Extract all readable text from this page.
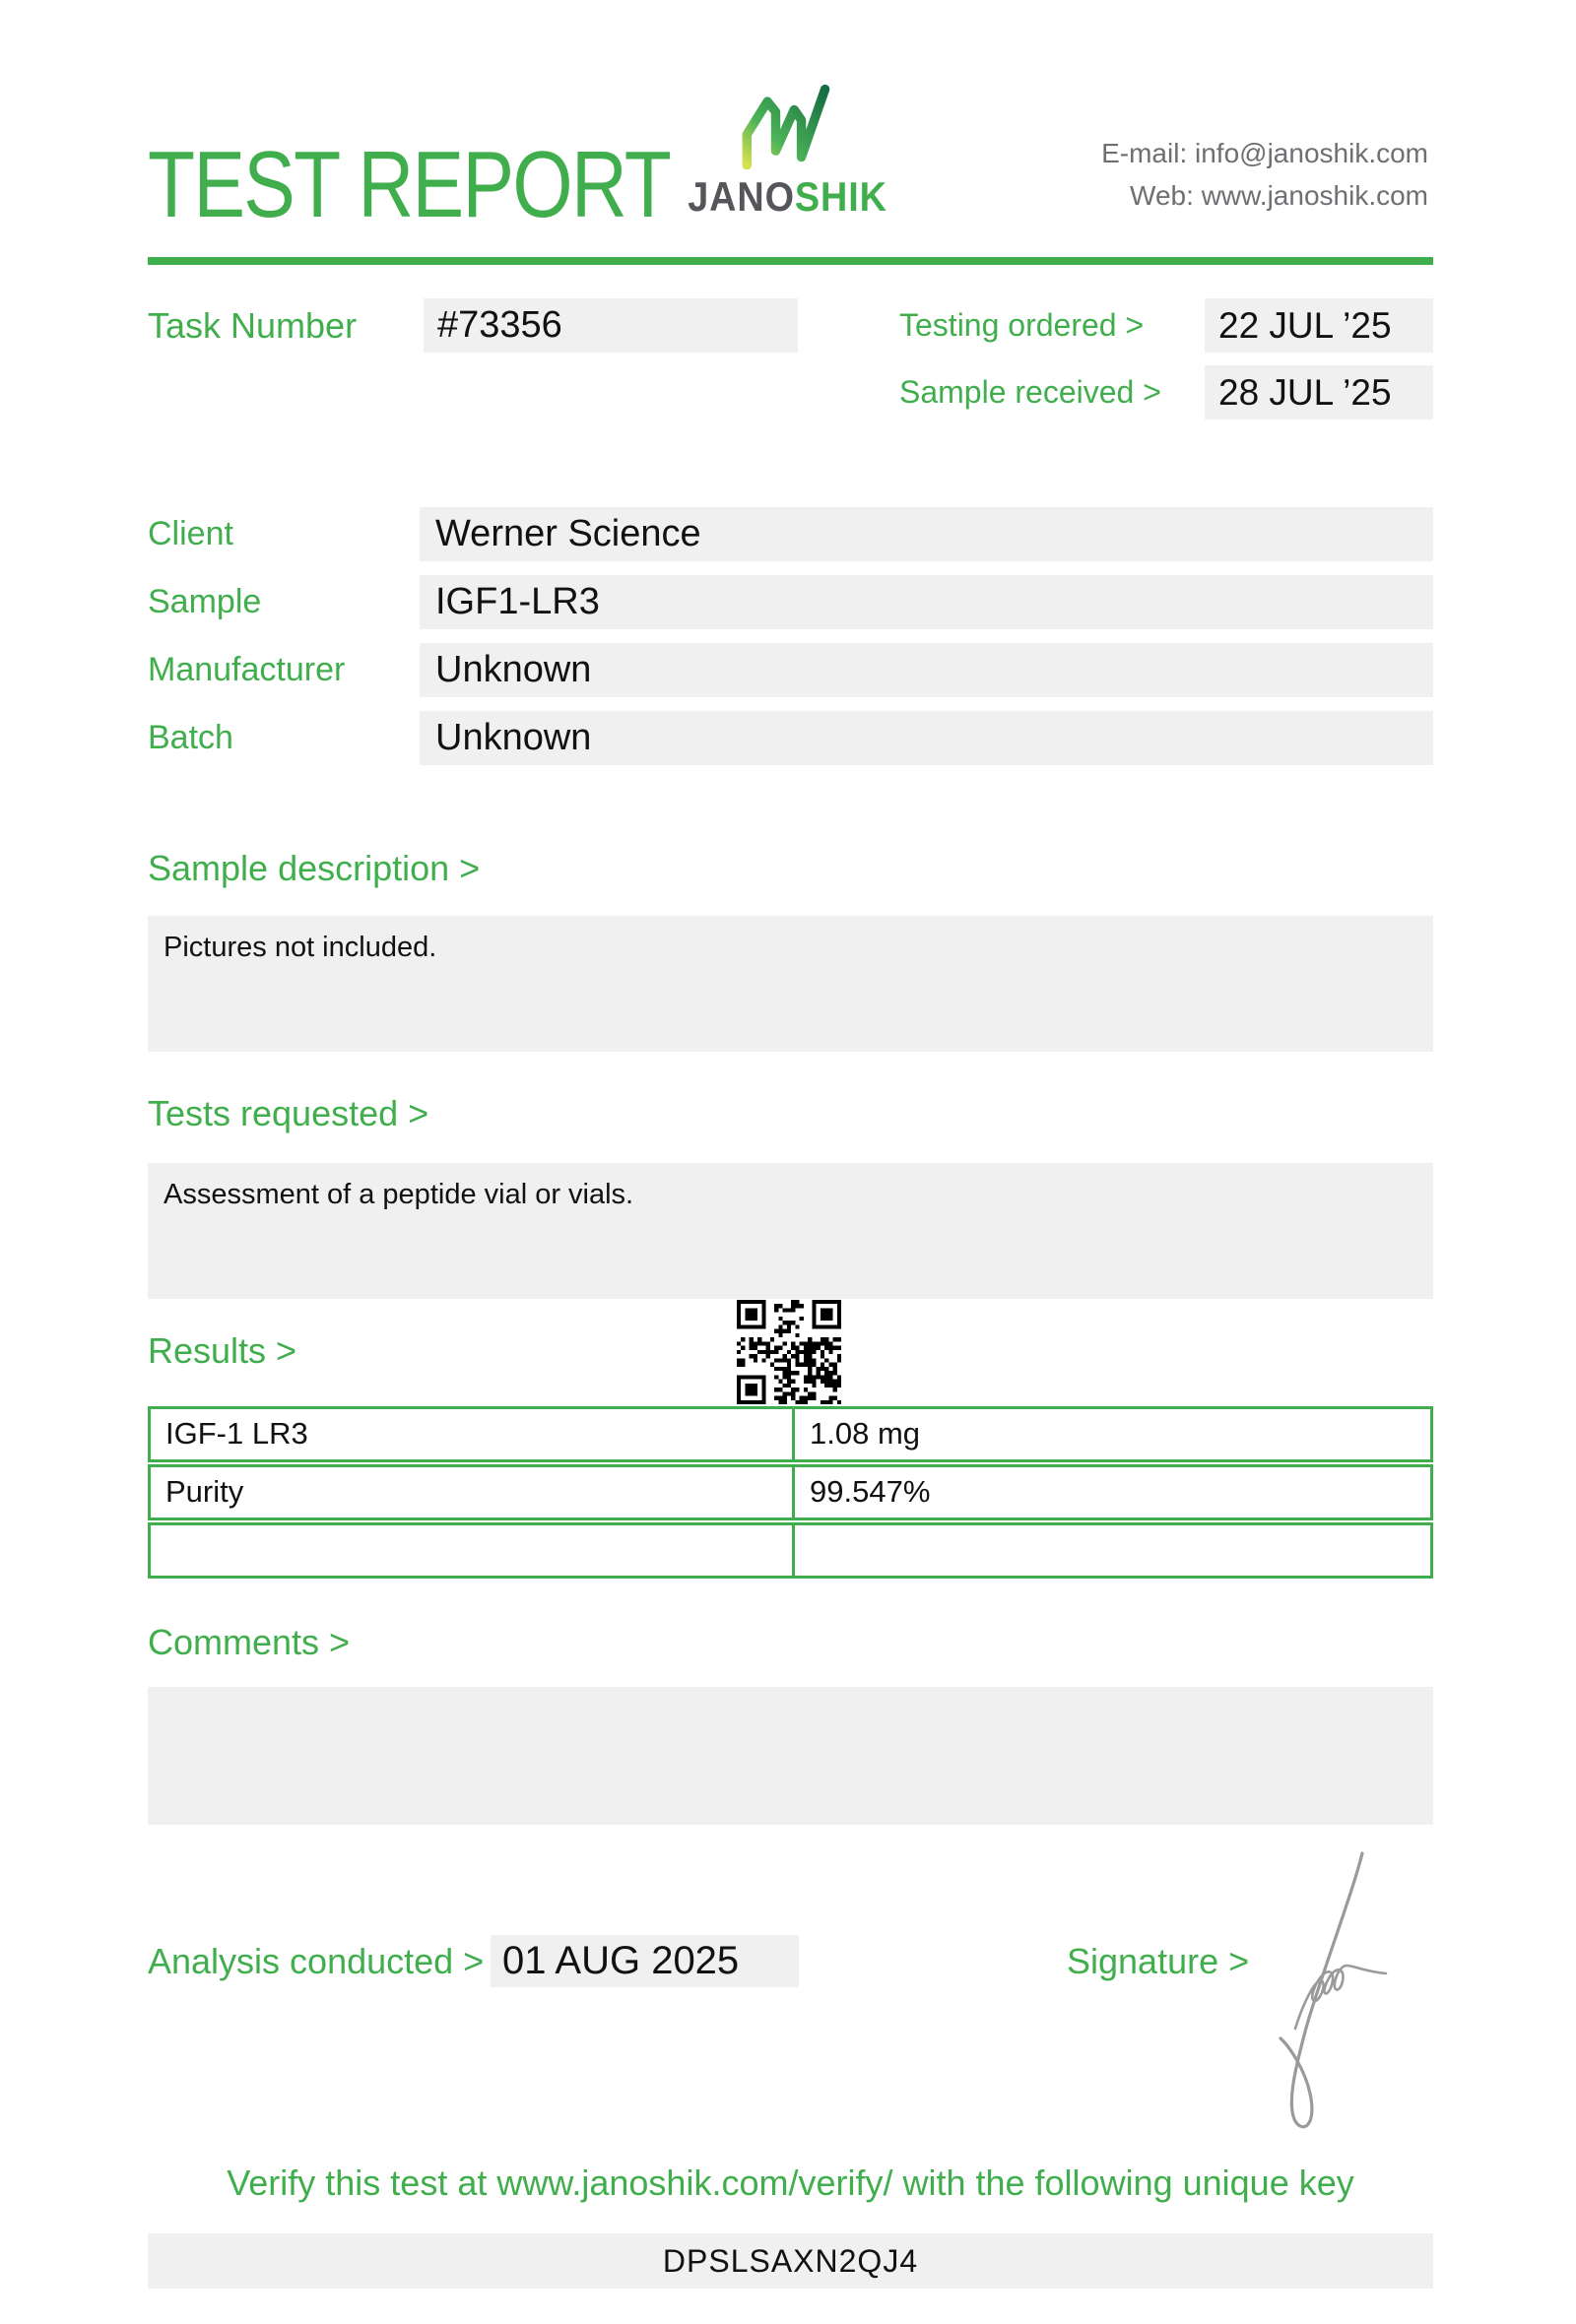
TEST REPORT JANOSHIK
E-mail: info@janoshik.com
Web: www.janoshik.com
Task Number	#73356	Testing ordered >	22 JUL ’25
Sample received >	28 JUL ’25
Client	Werner Science
Sample	IGF1-LR3
Manufacturer	Unknown
Batch	Unknown
Sample description >
Pictures not included.
Tests requested >
Assessment of a peptide vial or vials.
Results >
IGF-1 LR3	1.08 mg
Purity	99.547%
Comments >
Analysis conducted > 01 AUG 2025	Signature >
Verify this test at www.janoshik.com/verify/ with the following unique key
DPSLSAXN2QJ4
